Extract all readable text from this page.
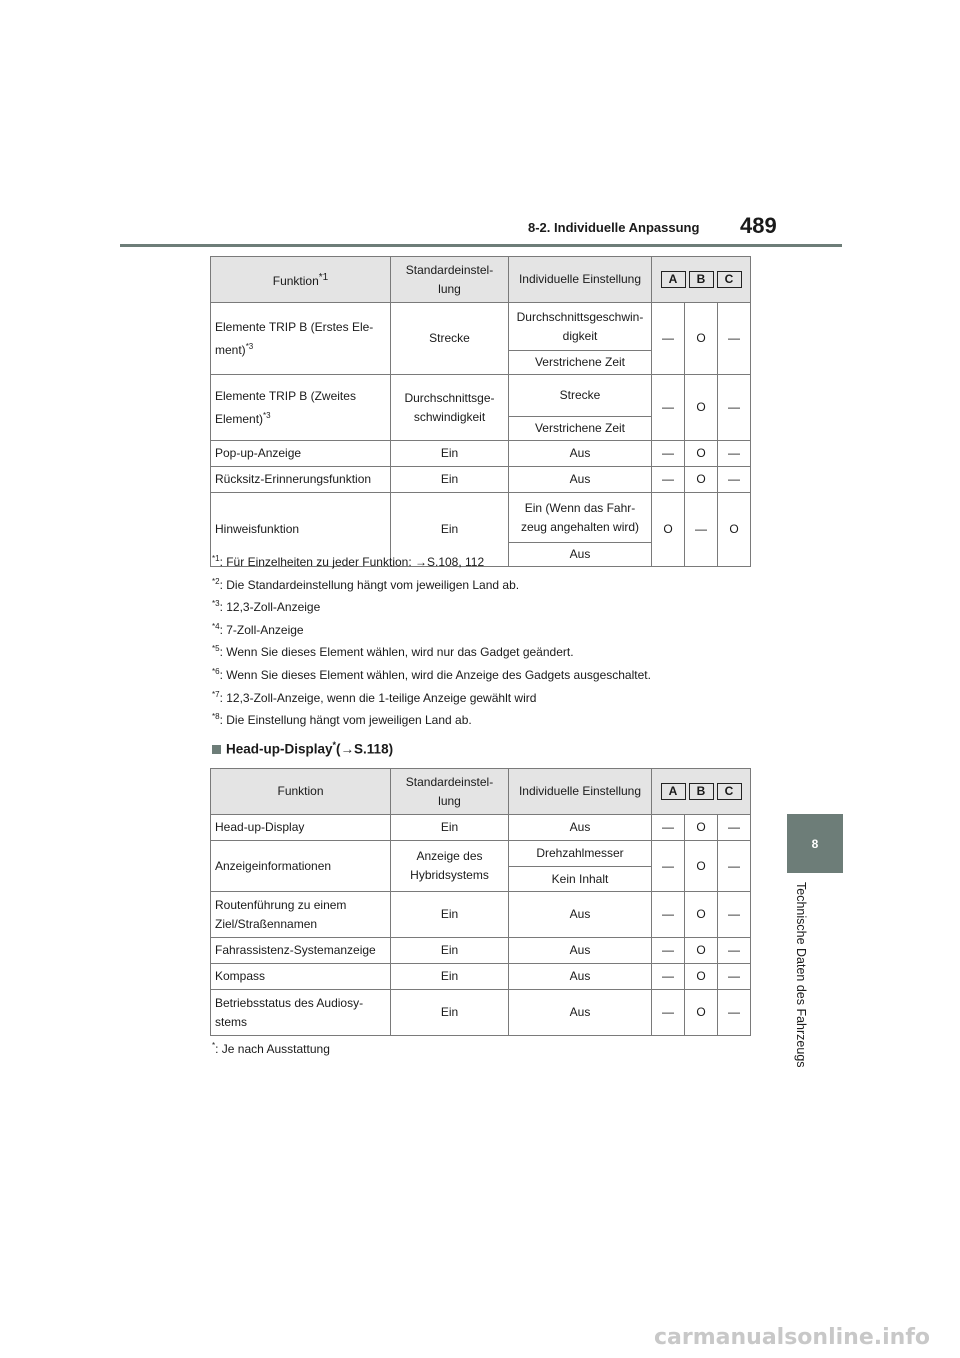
8-2. Individuelle Anpassung 489
8
Technische Daten des Fahrzeugs
Funktion$^{*1}$	Standardeinstel-
lung	Individuelle Einstellung	A B C		

Elemente TRIP B (Erstes Ele-
ment)$^{*3}$	Strecke	Durchschnittsgeschwin-
digkeit	—	O	—
		Verstrichene Zeit			
Elemente TRIP B (Zweites
Element)$^{*3}$	Durchschnittsge-
schwindigkeit	Strecke	—	O	—
		Verstrichene Zeit			
Pop-up-Anzeige	Ein	Aus	—	O	—
Rücksitz-Erinnerungsfunktion	Ein	Aus	—	O	—
Hinweisfunktion	Ein	Ein (Wenn das Fahr-
zeug angehalten wird)	O	—	O
		Aus			
$^{*1}$: Für Einzelheiten zu jeder Funktion: →S.108, 112
$^{*2}$: Die Standardeinstellung hängt vom jeweiligen Land ab.
$^{*3}$: 12,3-Zoll-Anzeige
$^{*4}$: 7-Zoll-Anzeige
$^{*5}$: Wenn Sie dieses Element wählen, wird nur das Gadget geändert.
$^{*6}$: Wenn Sie dieses Element wählen, wird die Anzeige des Gadgets ausgeschaltet.
$^{*7}$: 12,3-Zoll-Anzeige, wenn die 1-teilige Anzeige gewählt wird
$^{*8}$: Die Einstellung hängt vom jeweiligen Land ab.
Head-up-Display*(→S.118)
Funktion	Standardeinstel-
lung	Individuelle Einstellung	A B C		

Head-up-Display	Ein	Aus	—	O	—
Anzeigeinformationen	Anzeige des
Hybridsystems	Drehzahlmesser	—	O	—
		Kein Inhalt			
Routenführung zu einem
Ziel/Straßennamen	Ein	Aus	—	O	—
Fahrassistenz-Systemanzeige	Ein	Aus	—	O	—
Kompass	Ein	Aus	—	O	—
Betriebsstatus des Audiosy-
stems	Ein	Aus	—	O	—
*: Je nach Ausstattung
carmanualsonline.info
